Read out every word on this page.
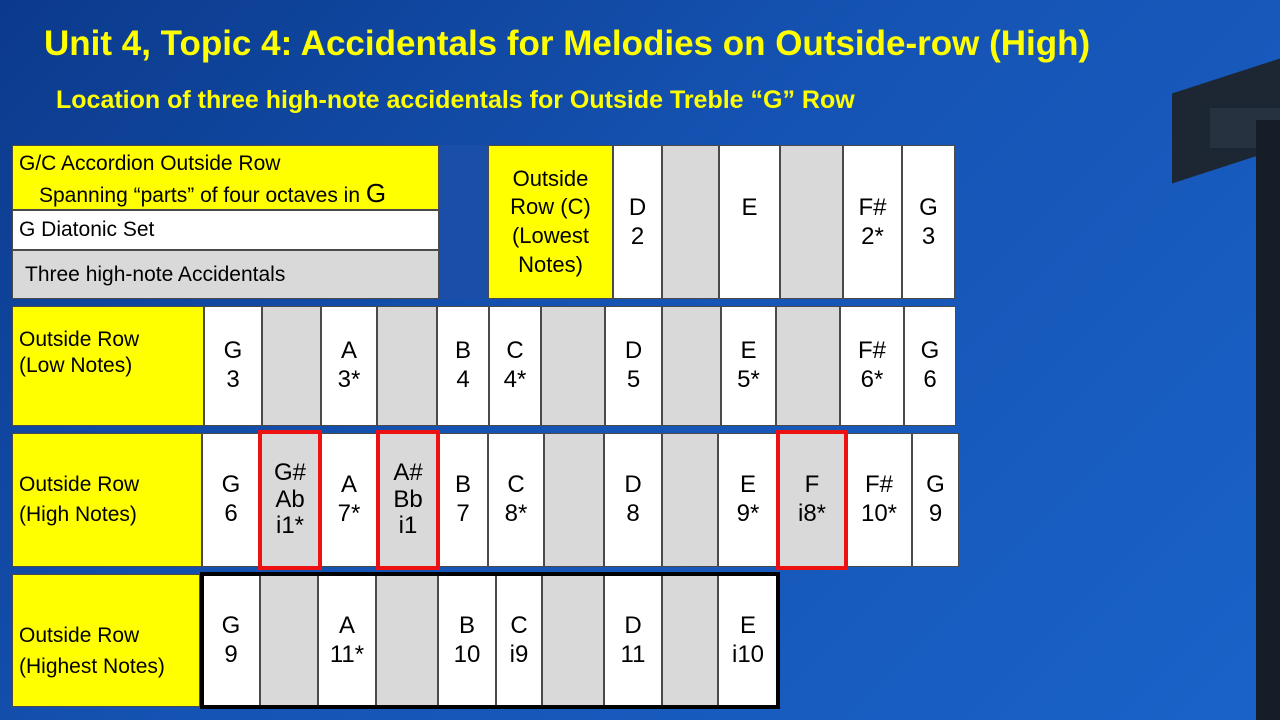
Unit 4, Topic 4: Accidentals for Melodies on Outside-row (High)
Location of three high-note accidentals for Outside Treble “G” Row
G/C Accordion Outside Row
Spanning “parts” of four octaves in G
G Diatonic Set
Three high-note Accidentals
Outside
Row (C)
(Lowest
Notes)
D
2
E	F#
2*
G
3
Outside Row
(Low Notes)
G
3
A
3*
B
4
C
4*
D
5
E
5*
F#
6*
G
6
Outside Row
(High Notes)
G
6
G#
Ab
i1*
A
7*
A#
Bb
i1
B
7
C
8*
D
8
E
9*
F
i8*
F#
10*
G
9
Outside Row
(Highest Notes)
G
9
A
11*
B
10
C
i9
D
11
E
i10
